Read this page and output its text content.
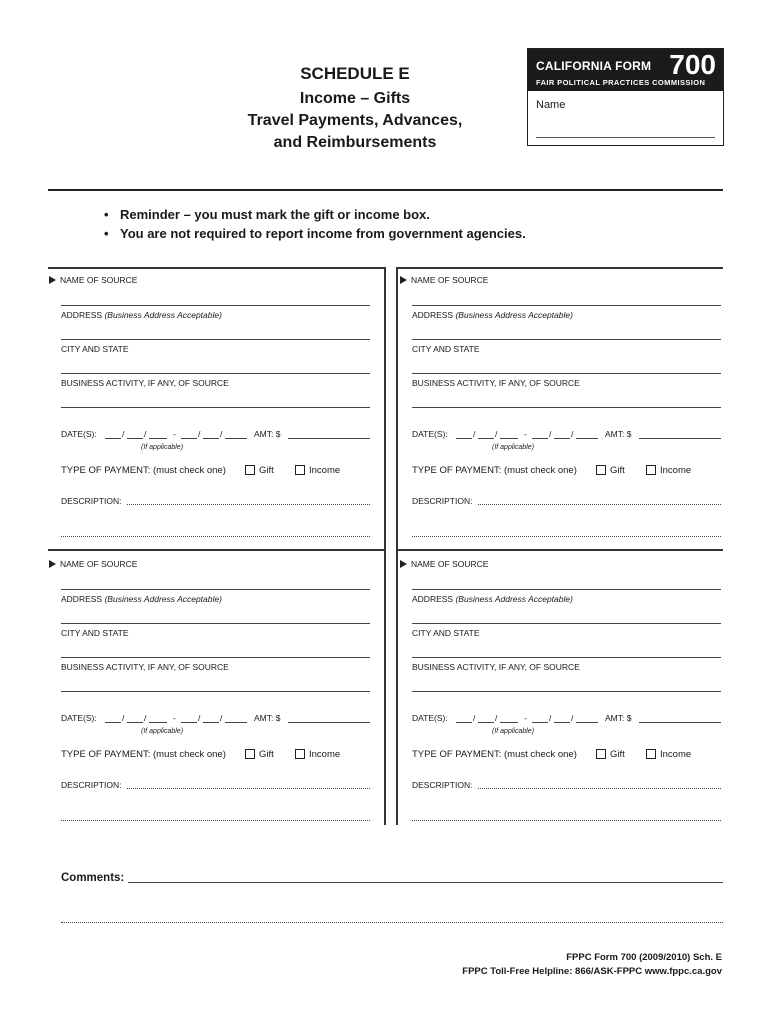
SCHEDULE E
Income – Gifts
Travel Payments, Advances,
and Reimbursements
CALIFORNIA FORM 700
FAIR POLITICAL PRACTICES COMMISSION
Name
• Reminder – you must mark the gift or income box.
• You are not required to report income from government agencies.
NAME OF SOURCE
ADDRESS (Business Address Acceptable)
CITY AND STATE
BUSINESS ACTIVITY, IF ANY, OF SOURCE
DATE(S):	/ /	-	/ /	AMT: $
(If applicable)
TYPE OF PAYMENT: (must check one)	Gift	Income
DESCRIPTION:
NAME OF SOURCE
ADDRESS (Business Address Acceptable)
CITY AND STATE
BUSINESS ACTIVITY, IF ANY, OF SOURCE
DATE(S):	/ /	-	/ /	AMT: $
(If applicable)
TYPE OF PAYMENT: (must check one)	Gift	Income
DESCRIPTION:
NAME OF SOURCE
ADDRESS (Business Address Acceptable)
CITY AND STATE
BUSINESS ACTIVITY, IF ANY, OF SOURCE
DATE(S):	/ /	-	/ /	AMT: $
(If applicable)
TYPE OF PAYMENT: (must check one)	Gift	Income
DESCRIPTION:
NAME OF SOURCE
ADDRESS (Business Address Acceptable)
CITY AND STATE
BUSINESS ACTIVITY, IF ANY, OF SOURCE
DATE(S):	/ /	-	/ /	AMT: $
(If applicable)
TYPE OF PAYMENT: (must check one)	Gift	Income
DESCRIPTION:
Comments:
FPPC Form 700 (2009/2010) Sch. E
FPPC Toll-Free Helpline: 866/ASK-FPPC www.fppc.ca.gov
